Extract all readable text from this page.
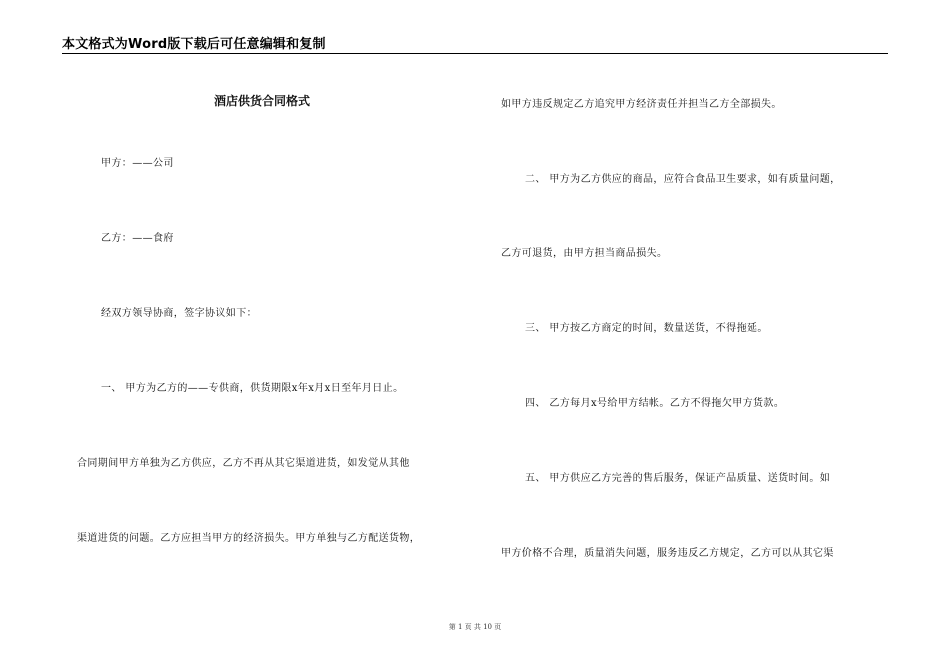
本文格式为Word版下载后可任意编辑和复制
酒店供货合同格式
甲方：——公司
乙方：——食府
经双方领导协商，签字协议如下：
一、 甲方为乙方的——专供商，供货期限x年x月x日至年月日止。
合同期间甲方单独为乙方供应，乙方不再从其它渠道进货，如发觉从其他
渠道进货的问题。乙方应担当甲方的经济损失。甲方单独与乙方配送货物，
如甲方违反规定乙方追究甲方经济责任并担当乙方全部损失。
二、 甲方为乙方供应的商品，应符合食品卫生要求，如有质量问题，
乙方可退货，由甲方担当商品损失。
三、 甲方按乙方商定的时间，数量送货，不得拖延。
四、 乙方每月x号给甲方结帐。乙方不得拖欠甲方货款。
五、 甲方供应乙方完善的售后服务，保证产品质量、送货时间。如
甲方价格不合理，质量消失问题，服务违反乙方规定，乙方可以从其它渠
第 1 页 共 10 页
